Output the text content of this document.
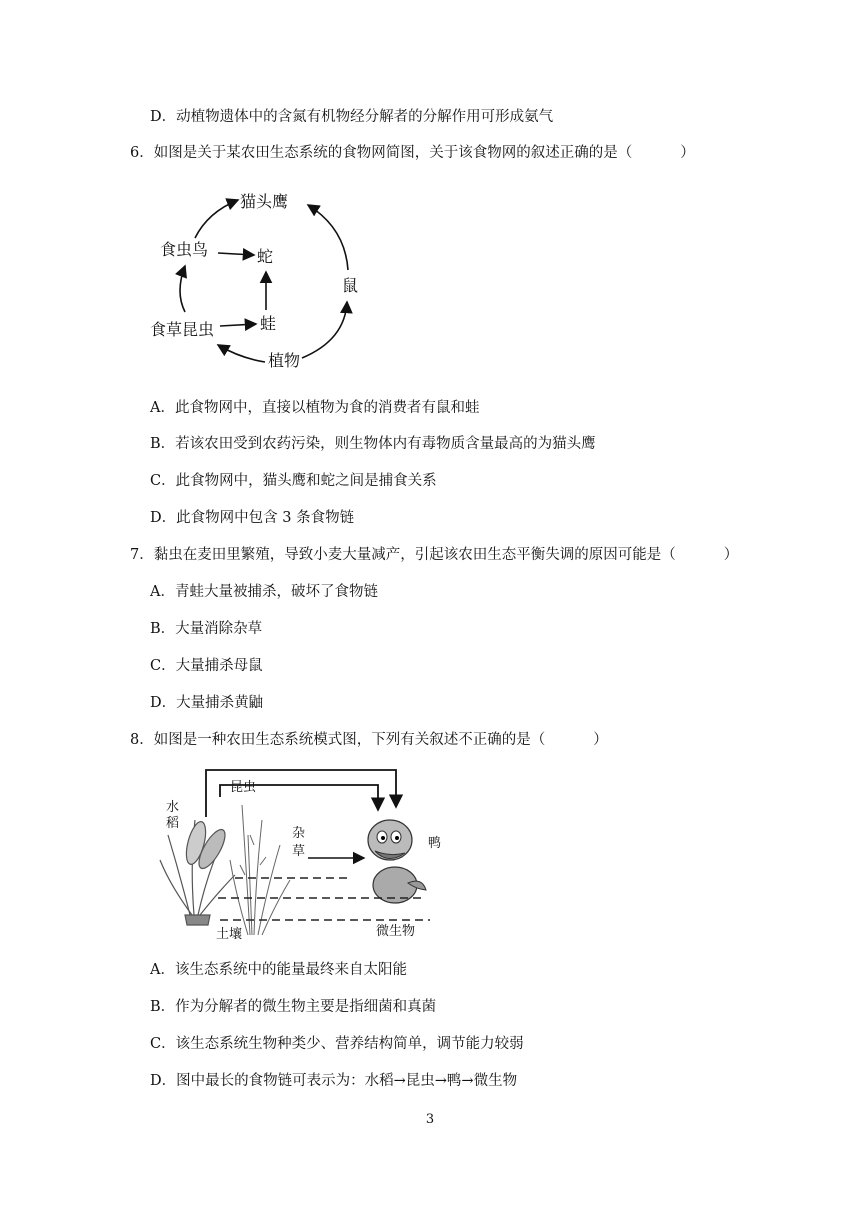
D．动植物遗体中的含氮有机物经分解者的分解作用可形成氨气
6．如图是关于某农田生态系统的食物网简图，关于该食物网的叙述正确的是（	）
猫头鹰
食虫鸟	蛇
鼠
食草昆虫	蛙
植物
A．此食物网中，直接以植物为食的消费者有鼠和蛙
B．若该农田受到农药污染，则生物体内有毒物质含量最高的为猫头鹰
C．此食物网中，猫头鹰和蛇之间是捕食关系
D．此食物网中包含 3 条食物链
7．黏虫在麦田里繁殖，导致小麦大量减产，引起该农田生态平衡失调的原因可能是（	）
A．青蛙大量被捕杀，破坏了食物链
B．大量消除杂草
C．大量捕杀母鼠
D．大量捕杀黄鼬
8．如图是一种农田生态系统模式图，下列有关叙述不正确的是（	）
昆虫
水
稻
杂
草
鸭
土壤	微生物
A．该生态系统中的能量最终来自太阳能
B．作为分解者的微生物主要是指细菌和真菌
C．该生态系统生物种类少、营养结构简单，调节能力较弱
D．图中最长的食物链可表示为：水稻→昆虫→鸭→微生物
3
